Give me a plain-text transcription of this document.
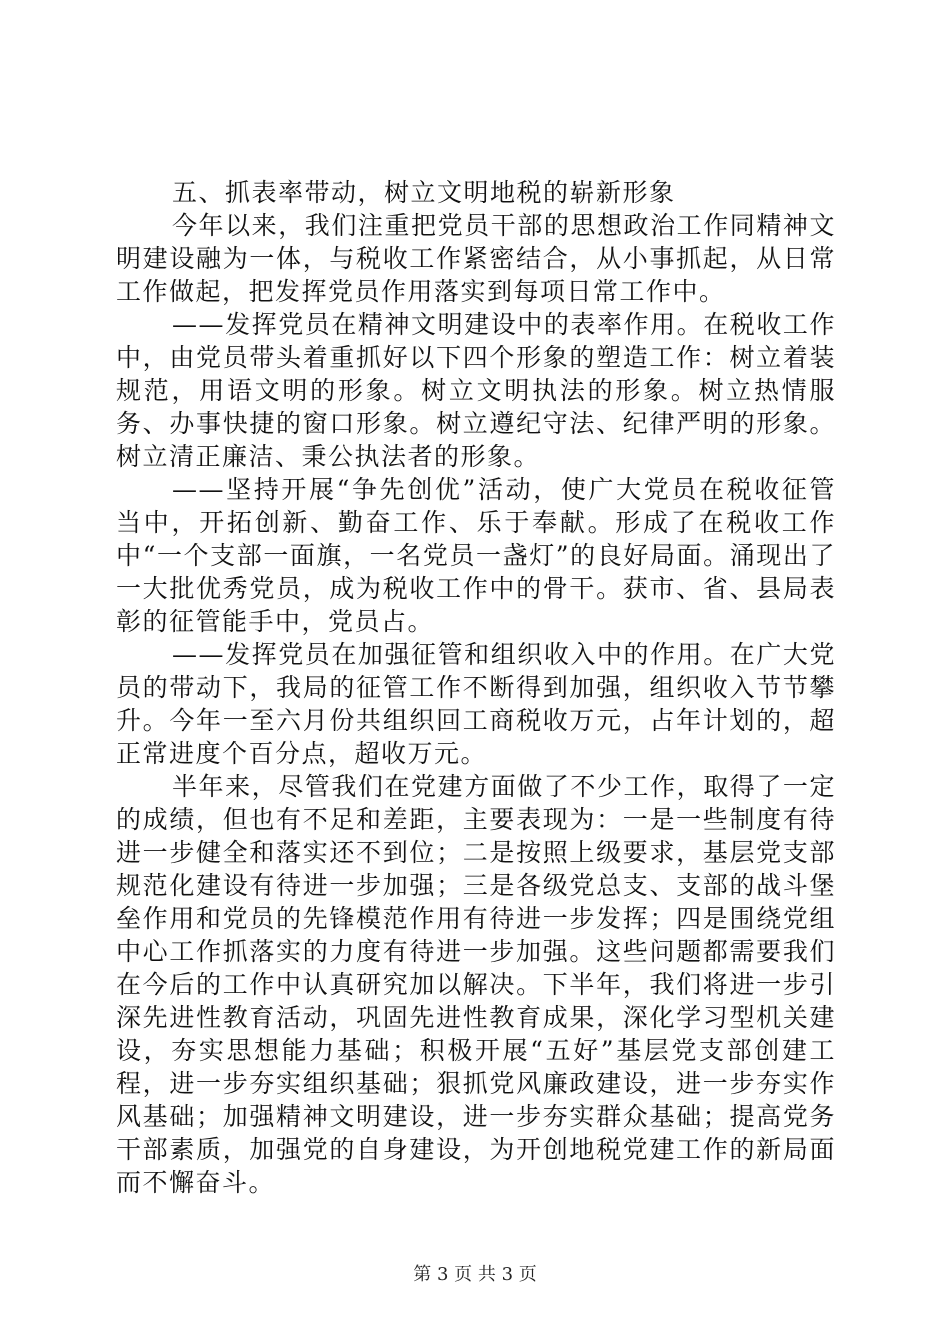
五、抓表率带动，树立文明地税的崭新形象

今年以来，我们注重把党员干部的思想政治工作同精神文明建设融为一体，与税收工作紧密结合，从小事抓起，从日常工作做起，把发挥党员作用落实到每项日常工作中。

——发挥党员在精神文明建设中的表率作用。在税收工作中，由党员带头着重抓好以下四个形象的塑造工作：树立着装规范，用语文明的形象。树立文明执法的形象。树立热情服务、办事快捷的窗口形象。树立遵纪守法、纪律严明的形象。树立清正廉洁、秉公执法者的形象。

——坚持开展“争先创优”活动，使广大党员在税收征管当中，开拓创新、勤奋工作、乐于奉献。形成了在税收工作中“一个支部一面旗，一名党员一盏灯”的良好局面。涌现出了一大批优秀党员，成为税收工作中的骨干。获市、省、县局表彰的征管能手中，党员占。

——发挥党员在加强征管和组织收入中的作用。在广大党员的带动下，我局的征管工作不断得到加强，组织收入节节攀升。今年一至六月份共组织回工商税收万元，占年计划的，超正常进度个百分点，超收万元。

半年来，尽管我们在党建方面做了不少工作，取得了一定的成绩，但也有不足和差距，主要表现为：一是一些制度有待进一步健全和落实还不到位；二是按照上级要求，基层党支部规范化建设有待进一步加强；三是各级党总支、支部的战斗堡垒作用和党员的先锋模范作用有待进一步发挥；四是围绕党组中心工作抓落实的力度有待进一步加强。这些问题都需要我们在今后的工作中认真研究加以解决。下半年，我们将进一步引深先进性教育活动，巩固先进性教育成果，深化学习型机关建设，夯实思想能力基础；积极开展“五好”基层党支部创建工程，进一步夯实组织基础；狠抓党风廉政建设，进一步夯实作风基础；加强精神文明建设，进一步夯实群众基础；提高党务干部素质，加强党的自身建设，为开创地税党建工作的新局面而不懈奋斗。

第 3 页 共 3 页
